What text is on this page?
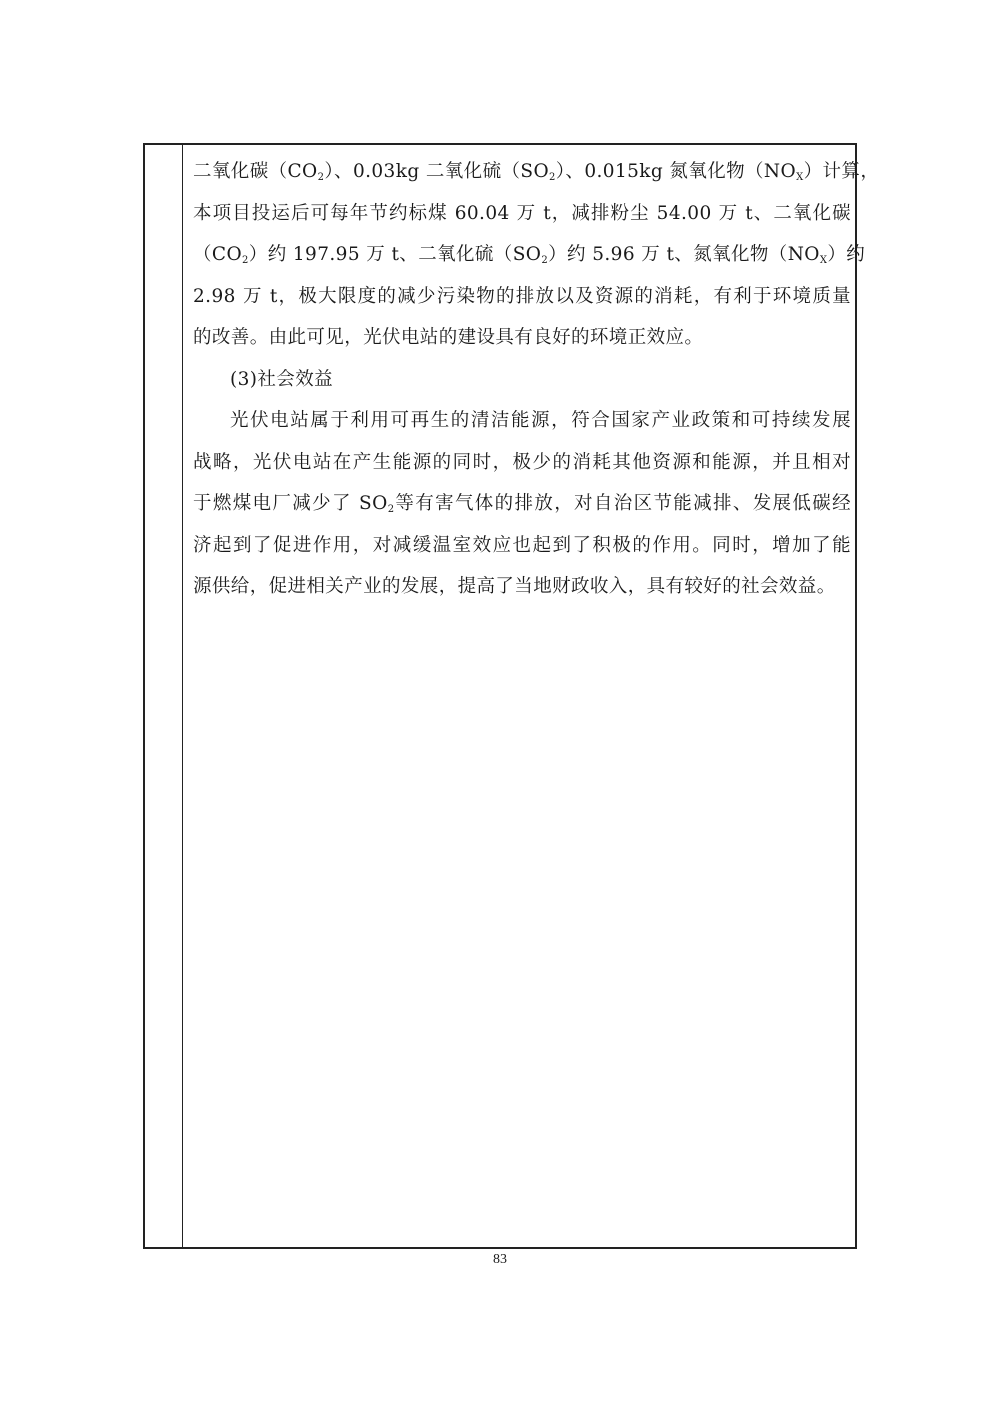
二氧化碳$(CO_2)$、0.03kg 二氧化硫$(SO_2)$、0.015kg 氮氧化物$(NO_X)$计算，
本项目投运后可每年节约标煤 60.04 万 t，减排粉尘 54.00 万 t、二氧化碳
$(CO_2)$约 197.95 万 t、二氧化硫$(SO_2)$约 5.96 万 t、氮氧化物$(NO_X)$约
2.98 万 t，极大限度的减少污染物的排放以及资源的消耗，有利于环境质量
的改善。由此可见，光伏电站的建设具有良好的环境正效应。
(3)社会效益
光伏电站属于利用可再生的清洁能源，符合国家产业政策和可持续发展
战略，光伏电站在产生能源的同时，极少的消耗其他资源和能源，并且相对
于燃煤电厂减少了 $SO_2$等有害气体的排放，对自治区节能减排、发展低碳经
济起到了促进作用，对减缓温室效应也起到了积极的作用。同时，增加了能
源供给，促进相关产业的发展，提高了当地财政收入，具有较好的社会效益。
83
